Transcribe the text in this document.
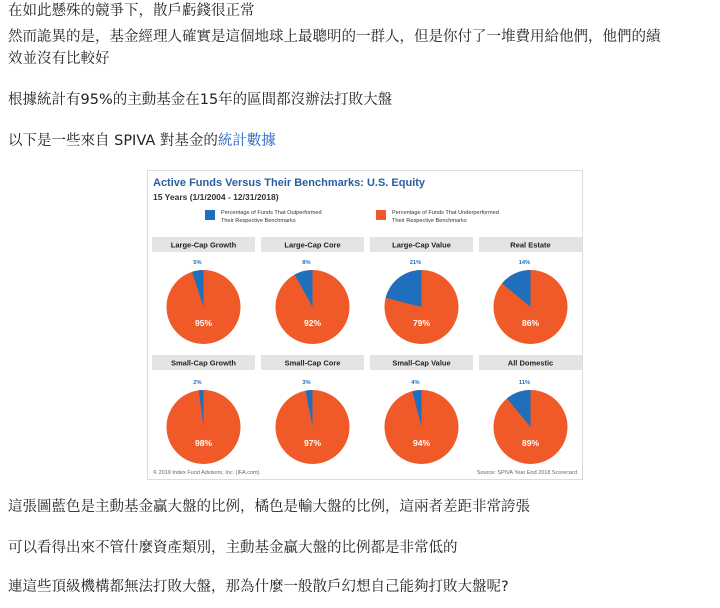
在如此懸殊的競爭下，散戶虧錢很正常

然而詭異的是，基金經理人確實是這個地球上最聰明的一群人，但是你付了一堆費用給他們，他們的績

效並沒有比較好

根據統計有95%的主動基金在15年的區間都沒辦法打敗大盤

以下是一些來自 SPIVA 對基金的統計數據

Active Funds Versus Their Benchmarks: U.S. Equity
15 Years (1/1/2004 - 12/31/2018)
Percentage of Funds That Outperformed
Their Respective Benchmarks
Percentage of Funds That Underperformed
Their Respective Benchmarks
Large-Cap Growth
5%
95%
Large-Cap Core
8%
92%
Large-Cap Value
21%
79%
Real Estate
14%
86%
Small-Cap Growth
2%
98%
Small-Cap Core
3%
97%
Small-Cap Value
4%
94%
All Domestic
11%
89%
© 2019 Index Fund Advisors, Inc. (IFA.com)	Source: SPIVA Year End 2018 Scorecard

這張圖藍色是主動基金贏大盤的比例，橘色是輸大盤的比例，這兩者差距非常誇張

可以看得出來不管什麼資產類別，主動基金贏大盤的比例都是非常低的

連這些頂級機構都無法打敗大盤，那為什麼一般散戶幻想自己能夠打敗大盤呢?
